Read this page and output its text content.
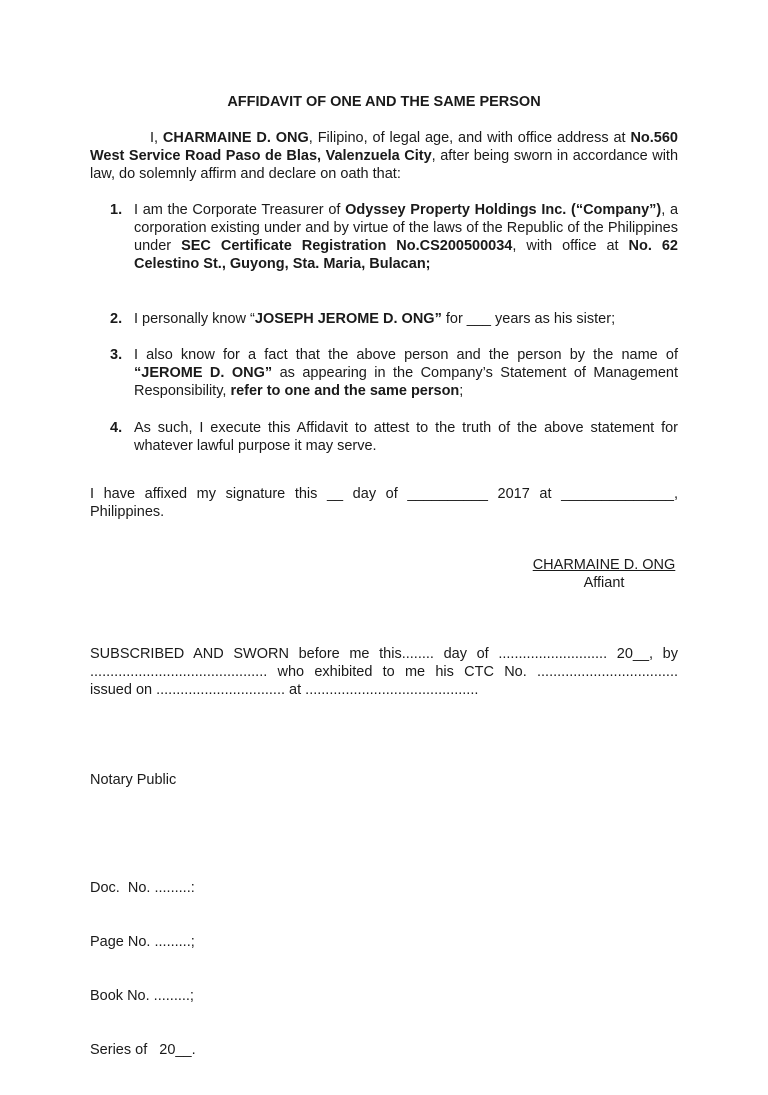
AFFIDAVIT OF ONE AND THE SAME PERSON

I, CHARMAINE D. ONG, Filipino, of legal age, and with office address at No.560 West Service Road Paso de Blas, Valenzuela City, after being sworn in accordance with law, do solemnly affirm and declare on oath that:

1. I am the Corporate Treasurer of Odyssey Property Holdings Inc. (“Company”), a corporation existing under and by virtue of the laws of the Republic of the Philippines under SEC Certificate Registration No.CS200500034, with office at No. 62 Celestino St., Guyong, Sta. Maria, Bulacan;
2. I personally know “JOSEPH JEROME D. ONG” for ___ years as his sister;
3. I also know for a fact that the above person and the person by the name of “JEROME D. ONG” as appearing in the Company’s Statement of Management Responsibility, refer to one and the same person;
4. As such, I execute this Affidavit to attest to the truth of the above statement for whatever lawful purpose it may serve.

I have affixed my signature this __ day of __________ 2017 at ______________, Philippines.

CHARMAINE D. ONG
Affiant
SUBSCRIBED AND SWORN before me this........ day of ........................... 20__, by
............................................ who exhibited to me his CTC No. ...................................
issued on ................................ at ...........................................

Notary Public

Doc.  No. .........:

Page No. .........;

Book No. .........;

Series of   20__.
